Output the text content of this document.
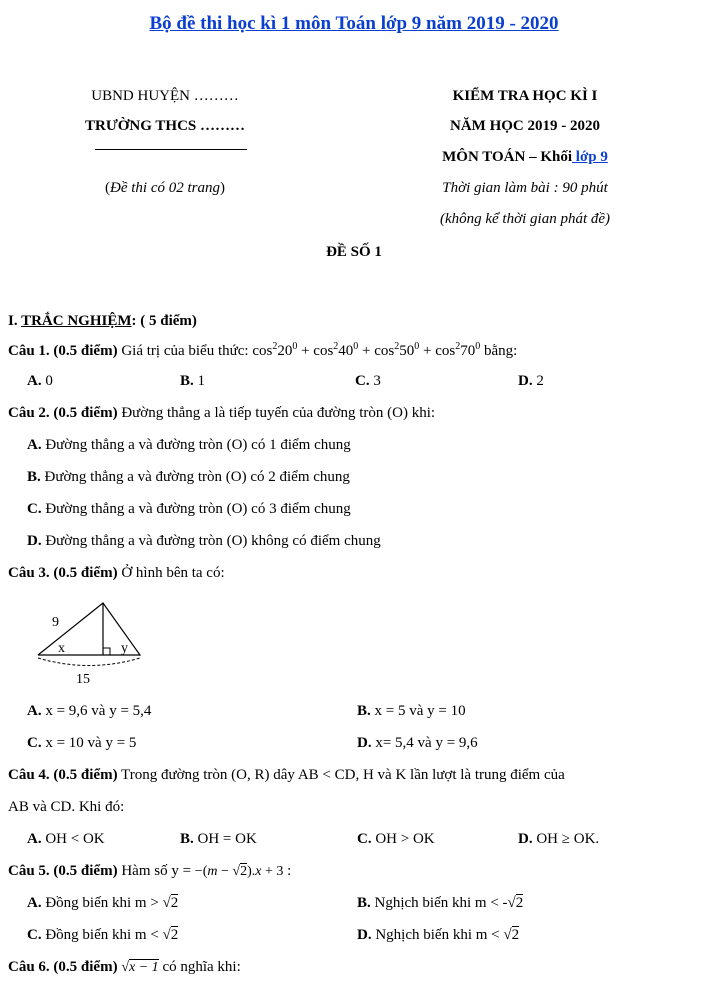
Bộ đề thi học kì 1 môn Toán lớp 9 năm 2019 - 2020
UBND HUYỆN ………
TRƯỜNG THCS ………
(Đề thi có 02 trang)
KIỂM TRA HỌC KÌ I
NĂM HỌC 2019 - 2020
MÔN TOÁN – Khối lớp 9
Thời gian làm bài : 90 phút
(không kể thời gian phát đề)
ĐỀ SỐ 1
I. TRẮC NGHIỆM: ( 5 điểm)
Câu 1. (0.5 điểm) Giá trị của biểu thức: $\cos^220^0 + \cos^240^0 + \cos^250^0 + \cos^270^0$ bằng:
A. 0	B. 1	C. 3	D. 2
Câu 2. (0.5 điểm) Đường thẳng a là tiếp tuyến của đường tròn (O) khi:
A. Đường thẳng a và đường tròn (O) có 1 điểm chung
B. Đường thẳng a và đường tròn (O) có 2 điểm chung
C. Đường thẳng a và đường tròn (O) có 3 điểm chung
D. Đường thẳng a và đường tròn (O) không có điểm chung
Câu 3. (0.5 điểm) Ở hình bên ta có:
9
x	y
15
A. x = 9,6 và y = 5,4	B. x = 5 và y = 10
C. x = 10 và y = 5	D. x= 5,4 và y = 9,6
Câu 4. (0.5 điểm) Trong đường tròn (O, R) dây AB < CD, H và K lần lượt là trung điểm của
AB và CD. Khi đó:
A. OH < OK	B. OH = OK	C. OH > OK	D. OH ≥ OK.
Câu 5. (0.5 điểm) Hàm số y = −(m − √2).x + 3 :
A. Đồng biến khi m > √2	B. Nghịch biến khi m < -√2
C. Đồng biến khi m < √2	D. Nghịch biến khi m < √2
Câu 6. (0.5 điểm) √x − 1 có nghĩa khi:
